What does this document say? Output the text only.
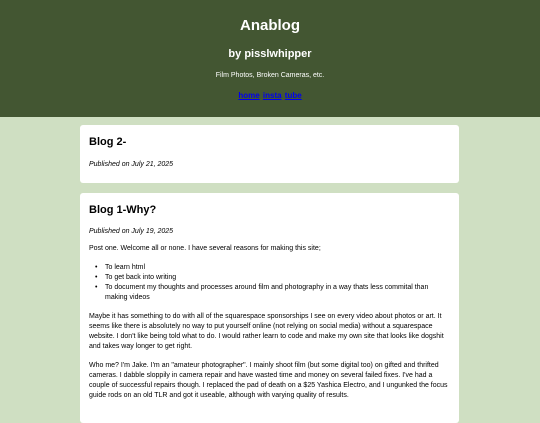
Anablog
by pisslwhipper
Film Photos, Broken Cameras, etc.
home insta tube
Blog 2-
Published on July 21, 2025
Blog 1-Why?
Published on July 19, 2025

Post one. Welcome all or none. I have several reasons for making this site;

• To learn html
• To get back into writing
• To document my thoughts and processes around film and photography in a way thats less commital than making videos

Maybe it has something to do with all of the squarespace sponsorships I see on every video about photos or art. It seems like there is absolutely no way to put yourself online (not relying on social media) without a squarespace website. I don't like being told what to do. I would rather learn to code and make my own site that looks like dogshit and takes way longer to get right.

Who me? I'm Jake. I'm an "amateur photographer". I mainly shoot film (but some digital too) on gifted and thrifted cameras. I dabble sloppily in camera repair and have wasted time and money on several failed fixes. I've had a couple of successful repairs though. I replaced the pad of death on a $25 Yashica Electro, and I ungunked the focus guide rods on an old TLR and got it useable, although with varying quality of results.
